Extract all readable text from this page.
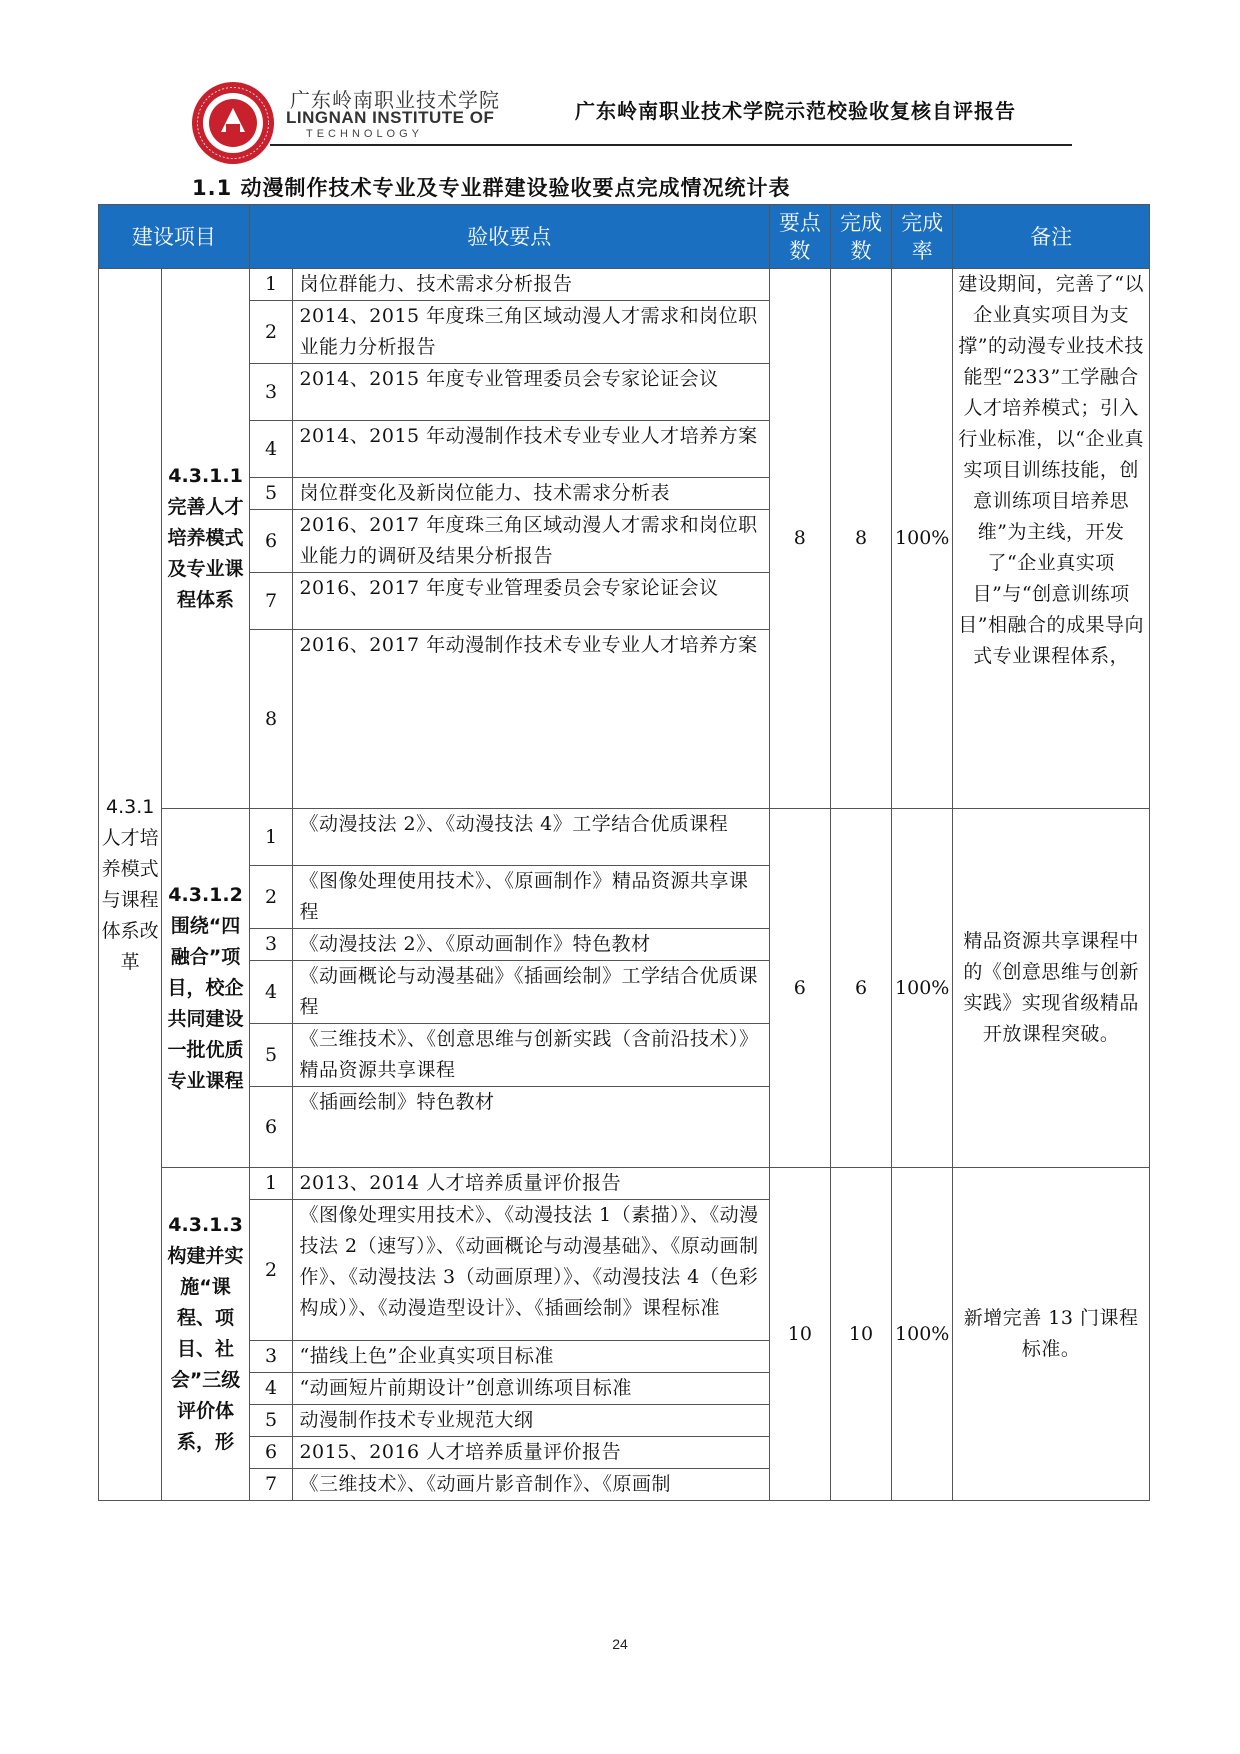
广东岭南职业技术学院
LINGNAN INSTITUTE OF
TECHNOLOGY
广东岭南职业技术学院示范校验收复核自评报告
1.1 动漫制作技术专业及专业群建设验收要点完成情况统计表
建设项目		验收要点		要点数	完成数	完成率	备注
4.3.1人才培养模式与课程体系改革	4.3.1.1完善人才培养模式及专业课程体系	1	岗位群能力、技术需求分析报告	8	8	100%	建设期间，完善了“以企业真实项目为支撑”的动漫专业技术技能型“233”工学融合人才培养模式；引入行业标准，以“企业真实项目训练技能，创意训练项目培养思维”为主线，开发了“企业真实项目”与“创意训练项目”相融合的成果导向式专业课程体系，
		2	2014、2015 年度珠三角区域动漫人才需求和岗位职业能力分析报告				
		3	2014、2015 年度专业管理委员会专家论证会议				
		4	2014、2015 年动漫制作技术专业专业人才培养方案				
		5	岗位群变化及新岗位能力、技术需求分析表				
		6	2016、2017 年度珠三角区域动漫人才需求和岗位职业能力的调研及结果分析报告				
		7	2016、2017 年度专业管理委员会专家论证会议				
		8	2016、2017 年动漫制作技术专业专业人才培养方案				
	4.3.1.2围绕“四融合”项目，校企共同建设一批优质专业课程	1	《动漫技法 2》、《动漫技法 4》工学结合优质课程	6	6	100%	精品资源共享课程中的《创意思维与创新实践》实现省级精品开放课程突破。
		2	《图像处理使用技术》、《原画制作》精品资源共享课程				
		3	《动漫技法 2》、《原动画制作》特色教材				
		4	《动画概论与动漫基础》《插画绘制》工学结合优质课程				
		5	《三维技术》、《创意思维与创新实践（含前沿技术）》精品资源共享课程				
		6	《插画绘制》特色教材				
	4.3.1.3构建并实施“课程、项目、社会”三级评价体系，形	1	2013、2014 人才培养质量评价报告	10	10	100%	新增完善 13 门课程标准。
		2	《图像处理实用技术》、《动漫技法 1（素描）》、《动漫技法 2（速写）》、《动画概论与动漫基础》、《原动画制作》、《动漫技法 3（动画原理）》、《动漫技法 4（色彩构成）》、《动漫造型设计》、《插画绘制》课程标准				
		3	“描线上色”企业真实项目标准				
		4	“动画短片前期设计”创意训练项目标准				
		5	动漫制作技术专业规范大纲				
		6	2015、2016 人才培养质量评价报告				
		7	《三维技术》、《动画片影音制作》、《原画制				
24
